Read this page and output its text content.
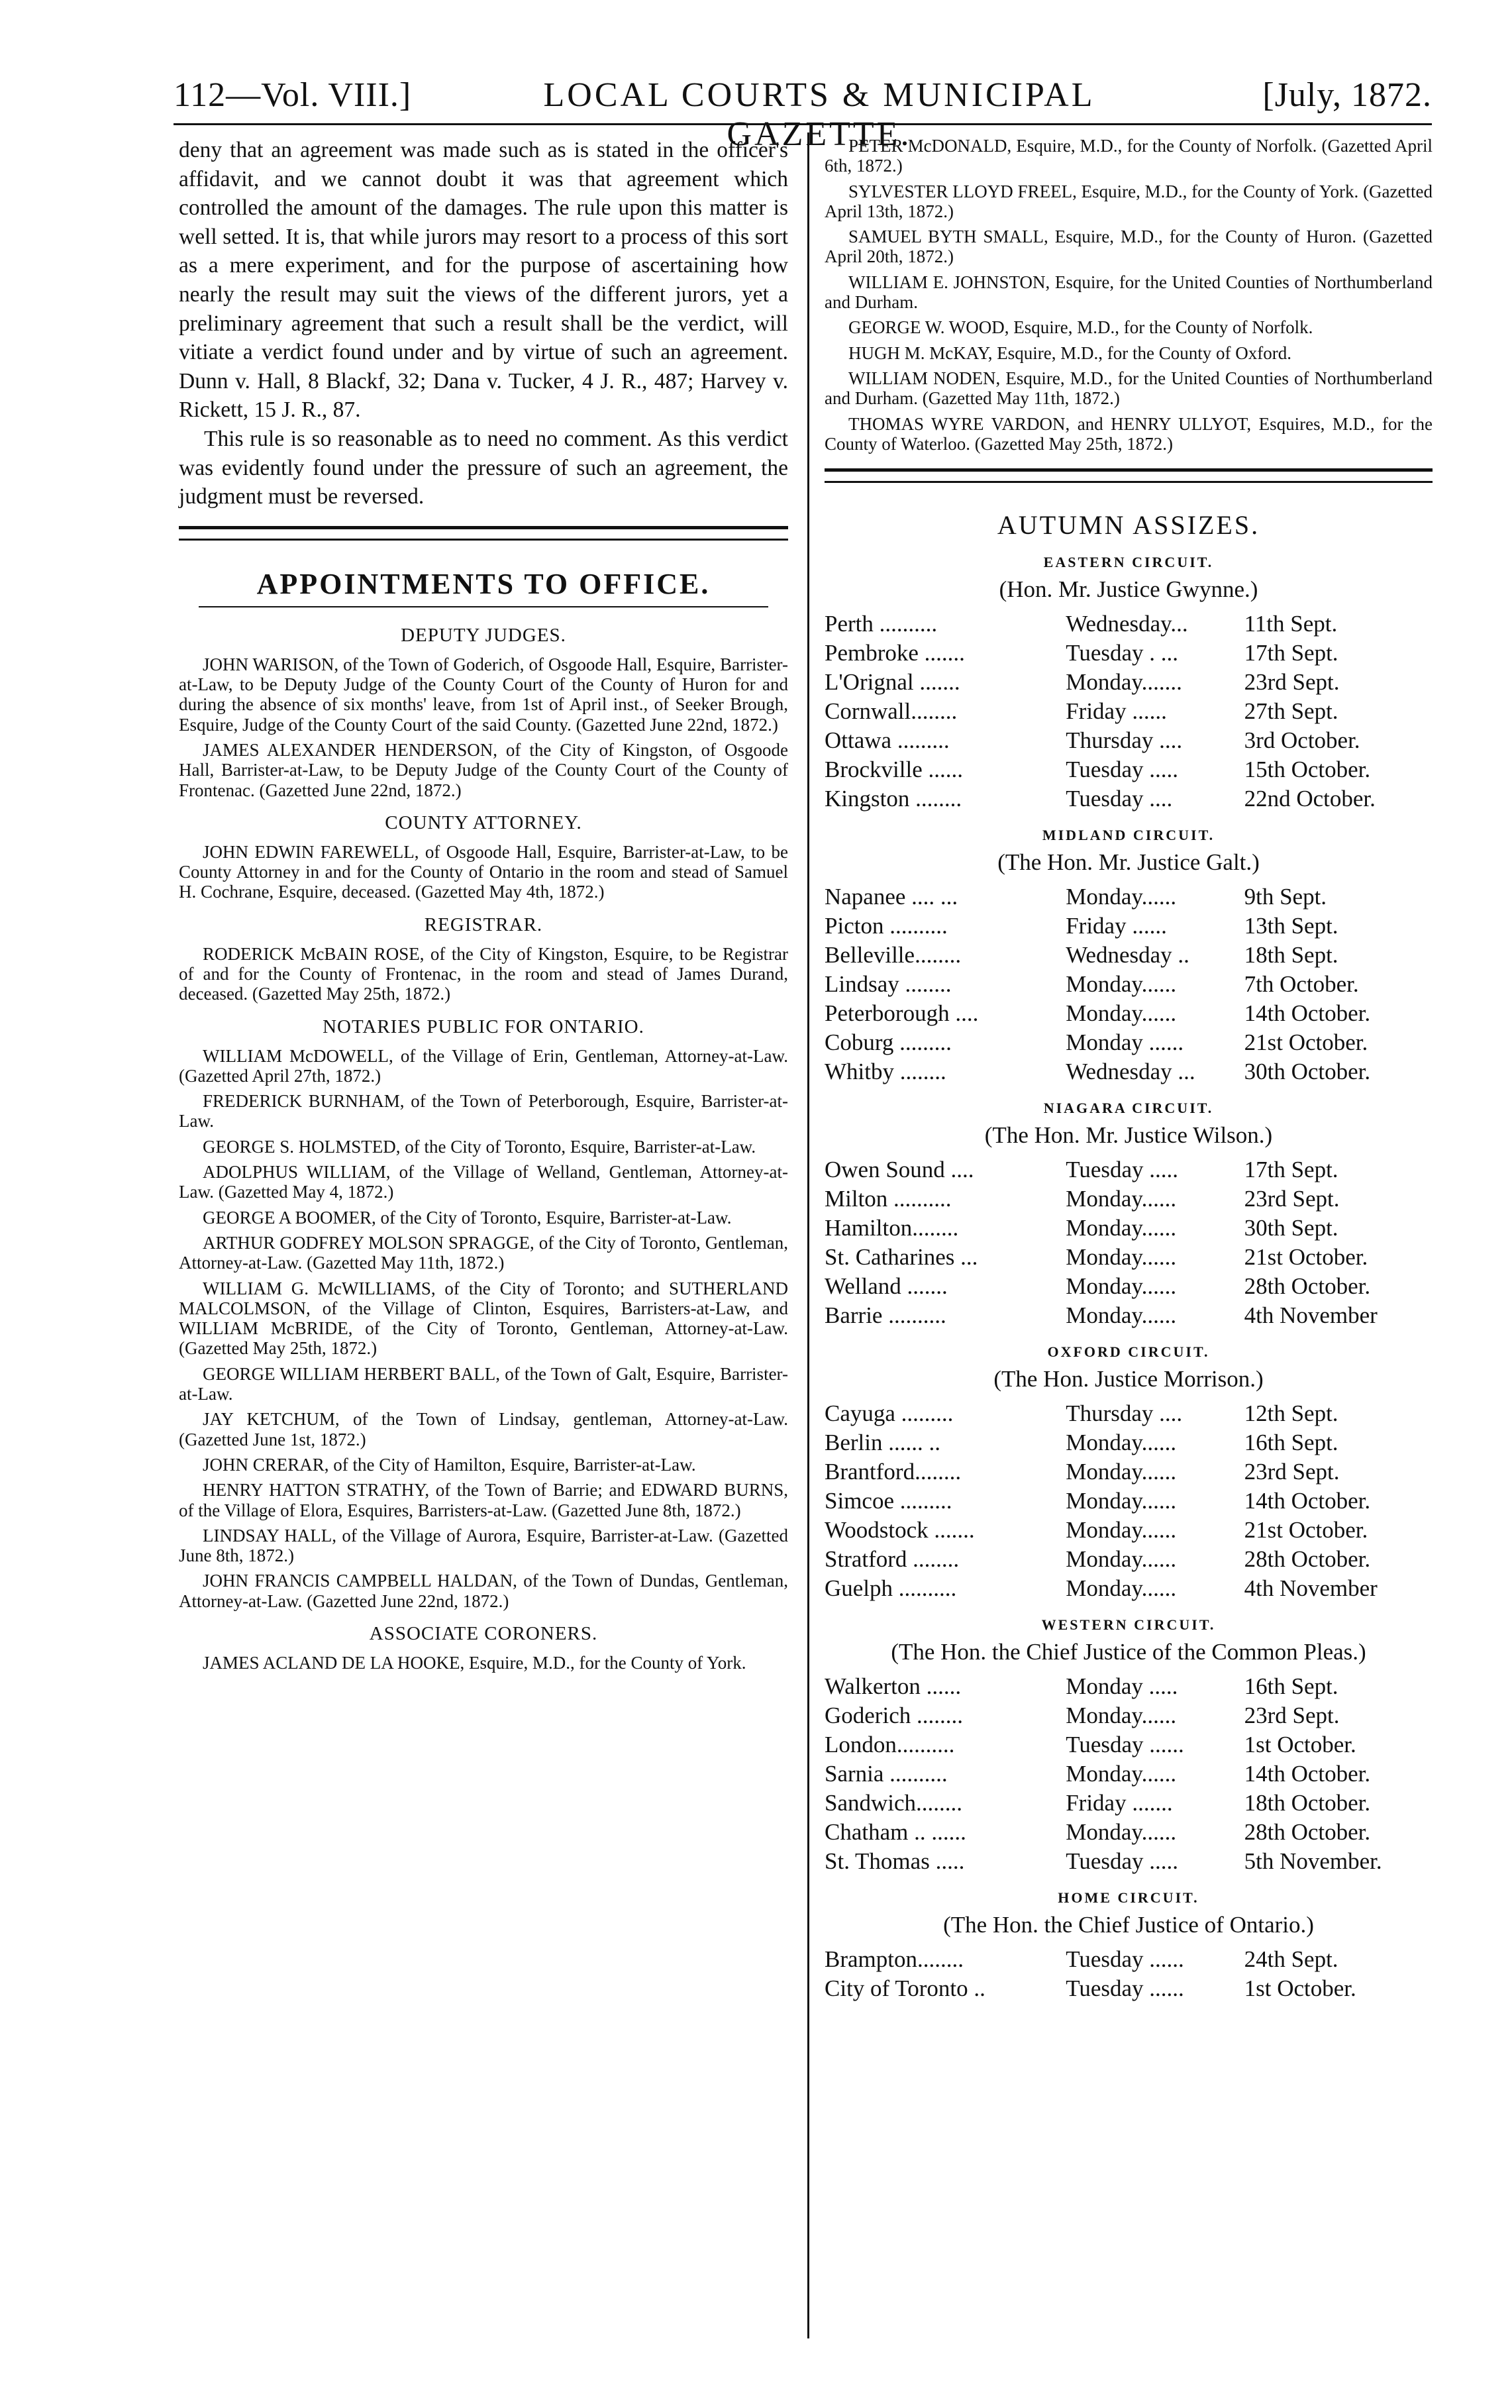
112—Vol. VIII.]	LOCAL COURTS & MUNICIPAL GAZETTE.
[July, 1872.

deny that an agreement was made such as is stated in the officer's affidavit, and we cannot doubt it was that agreement which controlled the amount of the damages. The rule upon this matter is well setted. It is, that while jurors may resort to a process of this sort as a mere experiment, and for the purpose of ascertaining how nearly the result may suit the views of the different jurors, yet a preliminary agreement that such a result shall be the verdict, will vitiate a verdict found under and by virtue of such an agreement. Dunn v. Hall, 8 Blackf, 32; Dana v. Tucker, 4 J. R., 487; Harvey v. Rickett, 15 J. R., 87.

This rule is so reasonable as to need no comment. As this verdict was evidently found under the pressure of such an agreement, the judgment must be reversed.

APPOINTMENTS TO OFFICE.
DEPUTY JUDGES.

JOHN WARISON, of the Town of Goderich, of Osgoode Hall, Esquire, Barrister-at-Law, to be Deputy Judge of the County Court of the County of Huron for and during the absence of six months' leave, from 1st of April inst., of Seeker Brough, Esquire, Judge of the County Court of the said County. (Gazetted June 22nd, 1872.)

JAMES ALEXANDER HENDERSON, of the City of Kingston, of Osgoode Hall, Barrister-at-Law, to be Deputy Judge of the County Court of the County of Frontenac. (Gazetted June 22nd, 1872.)

COUNTY ATTORNEY.

JOHN EDWIN FAREWELL, of Osgoode Hall, Esquire, Barrister-at-Law, to be County Attorney in and for the County of Ontario in the room and stead of Samuel H. Cochrane, Esquire, deceased. (Gazetted May 4th, 1872.)

REGISTRAR.

RODERICK McBAIN ROSE, of the City of Kingston, Esquire, to be Registrar of and for the County of Frontenac, in the room and stead of James Durand, deceased. (Gazetted May 25th, 1872.)

NOTARIES PUBLIC FOR ONTARIO.

WILLIAM McDOWELL, of the Village of Erin, Gentleman, Attorney-at-Law. (Gazetted April 27th, 1872.)

FREDERICK BURNHAM, of the Town of Peterborough, Esquire, Barrister-at-Law.

GEORGE S. HOLMSTED, of the City of Toronto, Esquire, Barrister-at-Law.

ADOLPHUS WILLIAM, of the Village of Welland, Gentleman, Attorney-at-Law. (Gazetted May 4, 1872.)

GEORGE A BOOMER, of the City of Toronto, Esquire, Barrister-at-Law.

ARTHUR GODFREY MOLSON SPRAGGE, of the City of Toronto, Gentleman, Attorney-at-Law. (Gazetted May 11th, 1872.)

WILLIAM G. McWILLIAMS, of the City of Toronto; and SUTHERLAND MALCOLMSON, of the Village of Clinton, Esquires, Barristers-at-Law, and WILLIAM McBRIDE, of the City of Toronto, Gentleman, Attorney-at-Law. (Gazetted May 25th, 1872.)

GEORGE WILLIAM HERBERT BALL, of the Town of Galt, Esquire, Barrister-at-Law.

JAY KETCHUM, of the Town of Lindsay, gentleman, Attorney-at-Law. (Gazetted June 1st, 1872.)

JOHN CRERAR, of the City of Hamilton, Esquire, Barrister-at-Law.

HENRY HATTON STRATHY, of the Town of Barrie; and EDWARD BURNS, of the Village of Elora, Esquires, Barristers-at-Law. (Gazetted June 8th, 1872.)

LINDSAY HALL, of the Village of Aurora, Esquire, Barrister-at-Law. (Gazetted June 8th, 1872.)

JOHN FRANCIS CAMPBELL HALDAN, of the Town of Dundas, Gentleman, Attorney-at-Law. (Gazetted June 22nd, 1872.)

ASSOCIATE CORONERS.

JAMES ACLAND DE LA HOOKE, Esquire, M.D., for the County of York.

PETER McDONALD, Esquire, M.D., for the County of Norfolk. (Gazetted April 6th, 1872.)

SYLVESTER LLOYD FREEL, Esquire, M.D., for the County of York. (Gazetted April 13th, 1872.)

SAMUEL BYTH SMALL, Esquire, M.D., for the County of Huron. (Gazetted April 20th, 1872.)

WILLIAM E. JOHNSTON, Esquire, for the United Counties of Northumberland and Durham.

GEORGE W. WOOD, Esquire, M.D., for the County of Norfolk.

HUGH M. McKAY, Esquire, M.D., for the County of Oxford.

WILLIAM NODEN, Esquire, M.D., for the United Counties of Northumberland and Durham. (Gazetted May 11th, 1872.)

THOMAS WYRE VARDON, and HENRY ULLYOT, Esquires, M.D., for the County of Waterloo. (Gazetted May 25th, 1872.)

AUTUMN ASSIZES.
EASTERN CIRCUIT.
(Hon. Mr. Justice Gwynne.)
Perth ..........	Wednesday...	11th Sept.
Pembroke .......	Tuesday . ...	17th Sept.
L'Orignal .......	Monday.......	23rd Sept.
Cornwall........	Friday ......	27th Sept.
Ottawa .........	Thursday ....	3rd October.
Brockville ......	Tuesday .....	15th October.
Kingston ........	Tuesday ....	22nd October.
MIDLAND CIRCUIT.
(The Hon. Mr. Justice Galt.)
Napanee .... ...	Monday......	9th Sept.
Picton ..........	Friday ......	13th Sept.
Belleville........	Wednesday ..	18th Sept.
Lindsay ........	Monday......	7th October.
Peterborough ....	Monday......	14th October.
Coburg .........	Monday ......	21st October.
Whitby ........	Wednesday ...	30th October.
NIAGARA CIRCUIT.
(The Hon. Mr. Justice Wilson.)
Owen Sound ....	Tuesday .....	17th Sept.
Milton ..........	Monday......	23rd Sept.
Hamilton........	Monday......	30th Sept.
St. Catharines ...	Monday......	21st October.
Welland .......	Monday......	28th October.
Barrie ..........	Monday......	4th November
OXFORD CIRCUIT.
(The Hon. Justice Morrison.)
Cayuga .........	Thursday ....	12th Sept.
Berlin ...... ..	Monday......	16th Sept.
Brantford........	Monday......	23rd Sept.
Simcoe .........	Monday......	14th October.
Woodstock .......	Monday......	21st October.
Stratford ........	Monday......	28th October.
Guelph ..........	Monday......	4th November
WESTERN CIRCUIT.
(The Hon. the Chief Justice of the Common Pleas.)
Walkerton ......	Monday .....	16th Sept.
Goderich ........	Monday......	23rd Sept.
London..........	Tuesday ......	1st October.
Sarnia ..........	Monday......	14th October.
Sandwich........	Friday .......	18th October.
Chatham .. ......	Monday......	28th October.
St. Thomas .....	Tuesday .....	5th November.
HOME CIRCUIT.
(The Hon. the Chief Justice of Ontario.)
Brampton........	Tuesday ......	24th Sept.
City of Toronto ..	Tuesday ......	1st October.
